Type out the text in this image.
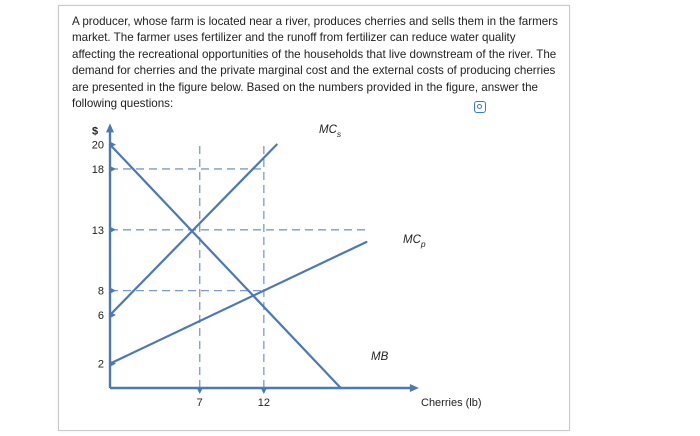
A producer, whose farm is located near a river, produces cherries and sells them in the farmers market. The farmer uses fertilizer and the runoff from fertilizer can reduce water quality affecting the recreational opportunities of the households that live downstream of the river. The demand for cherries and the private marginal cost and the external costs of producing cherries are presented in the figure below. Based on the numbers provided in the figure, answer the following questions:

20
18
13
8
6
2
7	12
$
Cherries (lb)
$MC_s$
$MC_p$
MB
